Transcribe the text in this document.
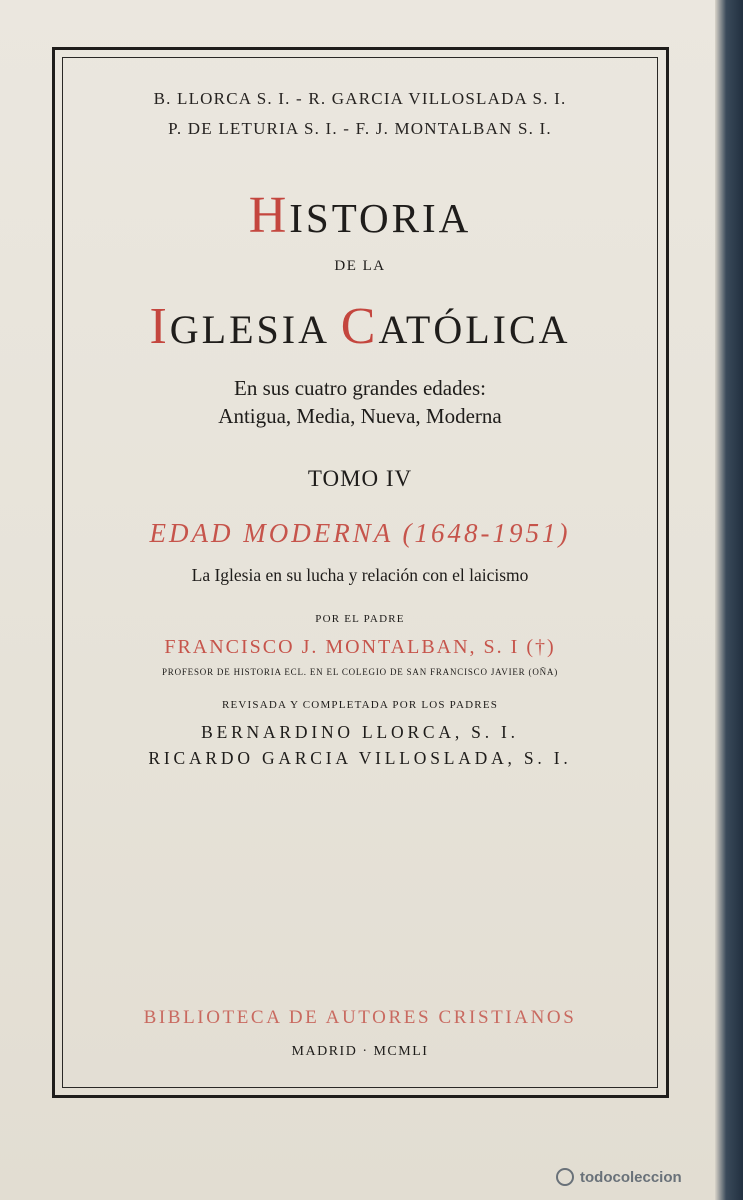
B. LLORCA S. I. - R. GARCIA VILLOSLADA S. I.
P. DE LETURIA S. I. - F. J. MONTALBAN S. I.
HISTORIA
DE LA
IGLESIA CATÓLICA
En sus cuatro grandes edades:
Antigua, Media, Nueva, Moderna
TOMO IV
EDAD MODERNA (1648-1951)
La Iglesia en su lucha y relación con el laicismo
POR EL PADRE
FRANCISCO J. MONTALBAN, S. I (†)
PROFESOR DE HISTORIA ECL. EN EL COLEGIO DE SAN FRANCISCO JAVIER (OÑA)
REVISADA Y COMPLETADA POR LOS PADRES
BERNARDINO LLORCA, S. I.
RICARDO GARCIA VILLOSLADA, S. I.
BIBLIOTECA DE AUTORES CRISTIANOS
MADRID · MCMLI
todocoleccion
